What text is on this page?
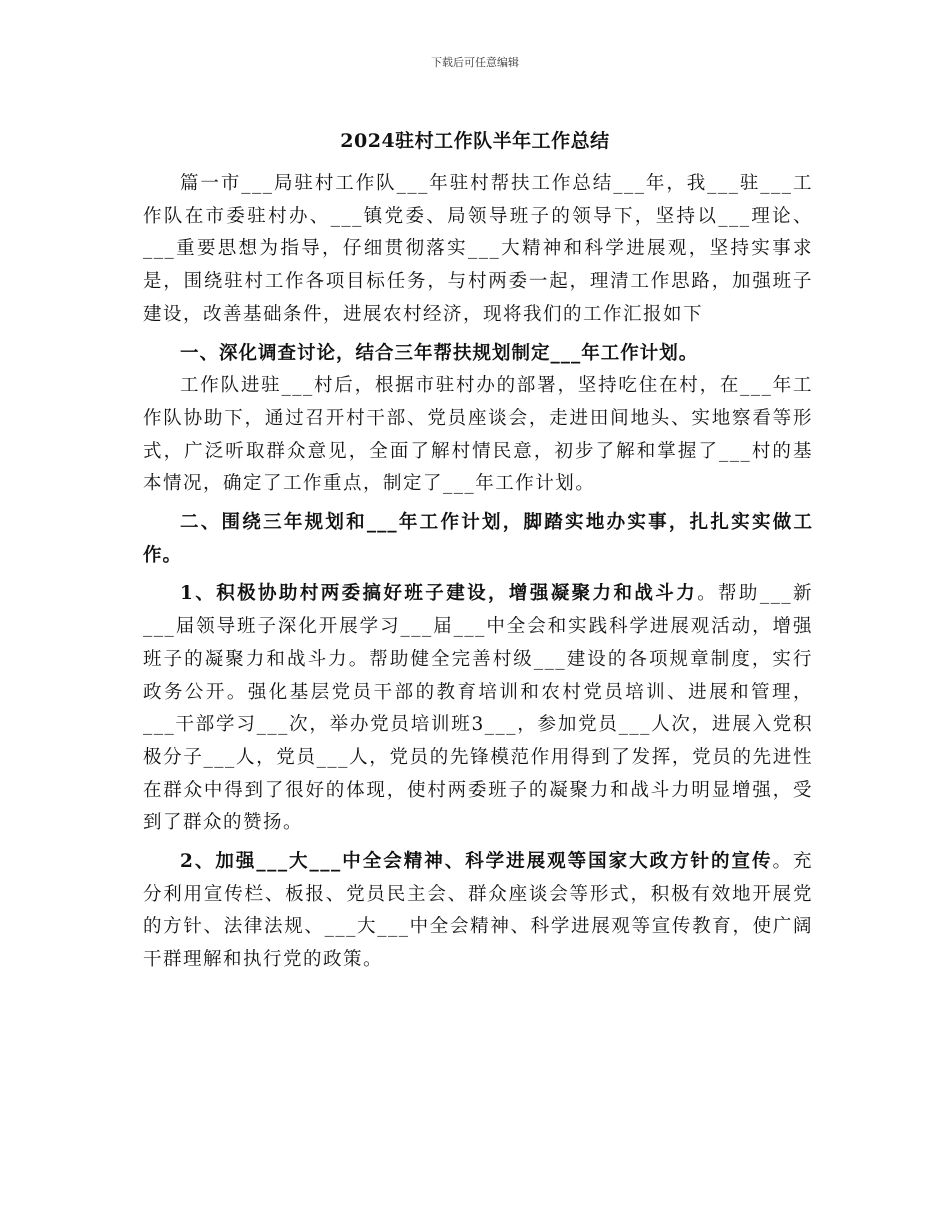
下载后可任意编辑
2024驻村工作队半年工作总结

篇一市___局驻村工作队___年驻村帮扶工作总结___年，我___驻___工作队在市委驻村办、___镇党委、局领导班子的领导下，坚持以___理论、___重要思想为指导，仔细贯彻落实___大精神和科学进展观，坚持实事求是，围绕驻村工作各项目标任务，与村两委一起，理清工作思路，加强班子建设，改善基础条件，进展农村经济，现将我们的工作汇报如下

一、深化调查讨论，结合三年帮扶规划制定___年工作计划。

工作队进驻___村后，根据市驻村办的部署，坚持吃住在村，在___年工作队协助下，通过召开村干部、党员座谈会，走进田间地头、实地察看等形式，广泛听取群众意见，全面了解村情民意，初步了解和掌握了___村的基本情况，确定了工作重点，制定了___年工作计划。

二、围绕三年规划和___年工作计划，脚踏实地办实事，扎扎实实做工作。

1、积极协助村两委搞好班子建设，增强凝聚力和战斗力。帮助___新___届领导班子深化开展学习___届___中全会和实践科学进展观活动，增强班子的凝聚力和战斗力。帮助健全完善村级___建设的各项规章制度，实行政务公开。强化基层党员干部的教育培训和农村党员培训、进展和管理，___干部学习___次，举办党员培训班3___，参加党员___人次，进展入党积极分子___人，党员___人，党员的先锋模范作用得到了发挥，党员的先进性在群众中得到了很好的体现，使村两委班子的凝聚力和战斗力明显增强，受到了群众的赞扬。

2、加强___大___中全会精神、科学进展观等国家大政方针的宣传。充分利用宣传栏、板报、党员民主会、群众座谈会等形式，积极有效地开展党的方针、法律法规、___大___中全会精神、科学进展观等宣传教育，使广阔干群理解和执行党的政策。
